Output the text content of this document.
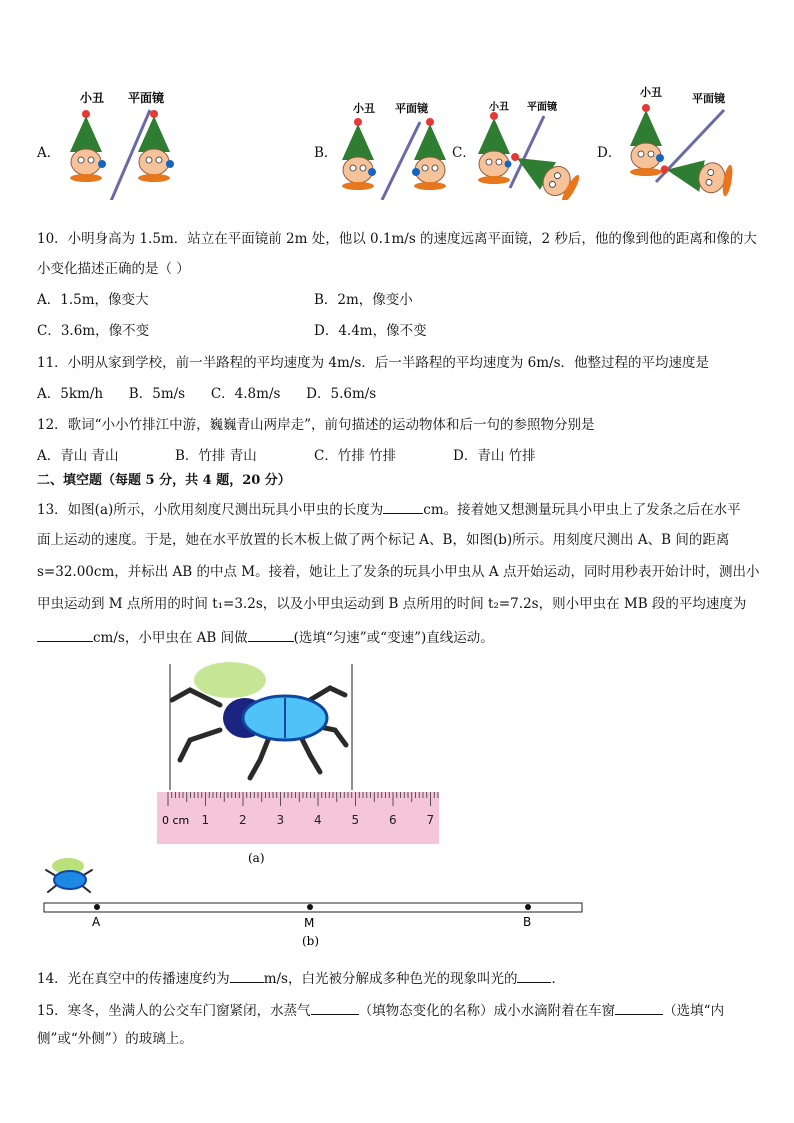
A．	B．	C．	D．
小丑 平面镜
小丑 平面镜	小丑 平面镜
小丑	平面镜
10．小明身高为 1.5m．站立在平面镜前 2m 处，他以 0.1m/s 的速度远离平面镜，2 秒后，他的像到他的距离和像的大
小变化描述正确的是（ ）
A．1.5m，像变大	B．2m，像变小
C．3.6m，像不变	D．4.4m，像不变
11．小明从家到学校，前一半路程的平均速度为 4m/s．后一半路程的平均速度为 6m/s．他整过程的平均速度是
A．5km/h      B．5m/s      C．4.8m/s      D．5.6m/s
12．歌词“小小竹排江中游，巍巍青山两岸走”，前句描述的运动物体和后一句的参照物分别是
A．青山 青山	B．竹排 青山	C．竹排 竹排	D．青山 竹排
二、填空题（每题 5 分，共 4 题，20 分）
13．如图(a)所示，小欣用刻度尺测出玩具小甲虫的长度为	cm。接着她又想测量玩具小甲虫上了发条之后在水平
面上运动的速度。于是，她在水平放置的长木板上做了两个标记 A、B，如图(b)所示。用刻度尺测出 A、B 间的距离
s=32.00cm，并标出 AB 的中点 M。接着，她让上了发条的玩具小甲虫从 A 点开始运动，同时用秒表开始计时，测出小
甲虫运动到 M 点所用的时间 t₁=3.2s，以及小甲虫运动到 B 点所用的时间 t₂=7.2s，则小甲虫在 MB 段的平均速度为
cm/s，小甲虫在 AB 间做	(选填“匀速”或“变速”)直线运动。
0 cm 1 2 3 4 5 6 7
(a)
A	M	B
(b)
14．光在真空中的传播速度约为	m/s，白光被分解成多种色光的现象叫光的	．
15．寒冬，坐满人的公交车门窗紧闭，水蒸气	（填物态变化的名称）成小水滴附着在车窗	（选填“内
侧”或“外侧”）的玻璃上。
